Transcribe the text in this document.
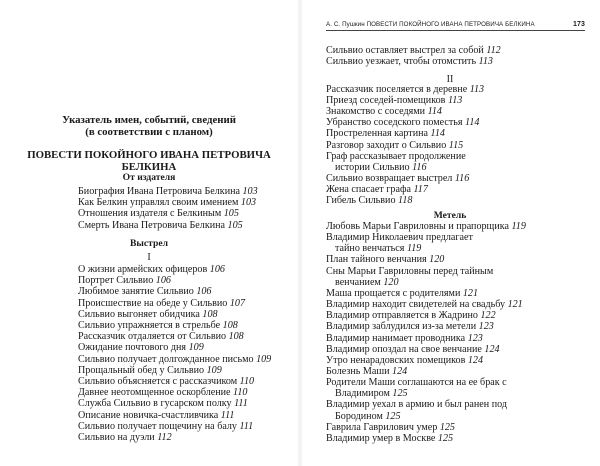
Указатель имен, событий, сведений
(в соответствии с планом)
ПОВЕСТИ ПОКОЙНОГО ИВАНА ПЕТРОВИЧА
БЕЛКИНА
От издателя
Биография Ивана Петровича Белкина 103
Как Белкин управлял своим имением 103
Отношения издателя с Белкиным 105
Смерть Ивана Петровича Белкина 105
Выстрел
I
О жизни армейских офицеров 106
Портрет Сильвио 106
Любимое занятие Сильвио 106
Происшествие на обеде у Сильвио 107
Сильвио выгоняет обидчика 108
Сильвио упражняется в стрельбе 108
Рассказчик отдаляется от Сильвио 108
Ожидание почтового дня 109
Сильвио получает долгожданное письмо 109
Прощальный обед у Сильвио 109
Сильвио объясняется с рассказчиком 110
Давнее неотомщенное оскорбление 110
Служба Сильвио в гусарском полку 111
Описание новичка-счастливчика 111
Сильвио получает пощечину на балу 111
Сильвио на дуэли 112
А. С. Пушкин ПОВЕСТИ ПОКОЙНОГО ИВАНА ПЕТРОВИЧА БЕЛКИНА	173
Сильвио оставляет выстрел за собой 112
Сильвио уезжает, чтобы отомстить 113
II
Рассказчик поселяется в деревне 113
Приезд соседей-помещиков 113
Знакомство с соседями 114
Убранство соседского поместья 114
Простреленная картина 114
Разговор заходит о Сильвио 115
Граф рассказывает продолжение
истории Сильвио 116
Сильвио возвращает выстрел 116
Жена спасает графа 117
Гибель Сильвио 118
Метель
Любовь Марьи Гавриловны и прапорщика 119
Владимир Николаевич предлагает
тайно венчаться 119
План тайного венчания 120
Сны Марьи Гавриловны перед тайным
венчанием 120
Маша прощается с родителями 121
Владимир находит свидетелей на свадьбу 121
Владимир отправляется в Жадрино 122
Владимир заблудился из-за метели 123
Владимир нанимает проводника 123
Владимир опоздал на свое венчание 124
Утро ненарадовских помещиков 124
Болезнь Маши 124
Родители Маши соглашаются на ее брак с
Владимиром 125
Владимир уехал в армию и был ранен под
Бородином 125
Гаврила Гаврилович умер 125
Владимир умер в Москве 125
